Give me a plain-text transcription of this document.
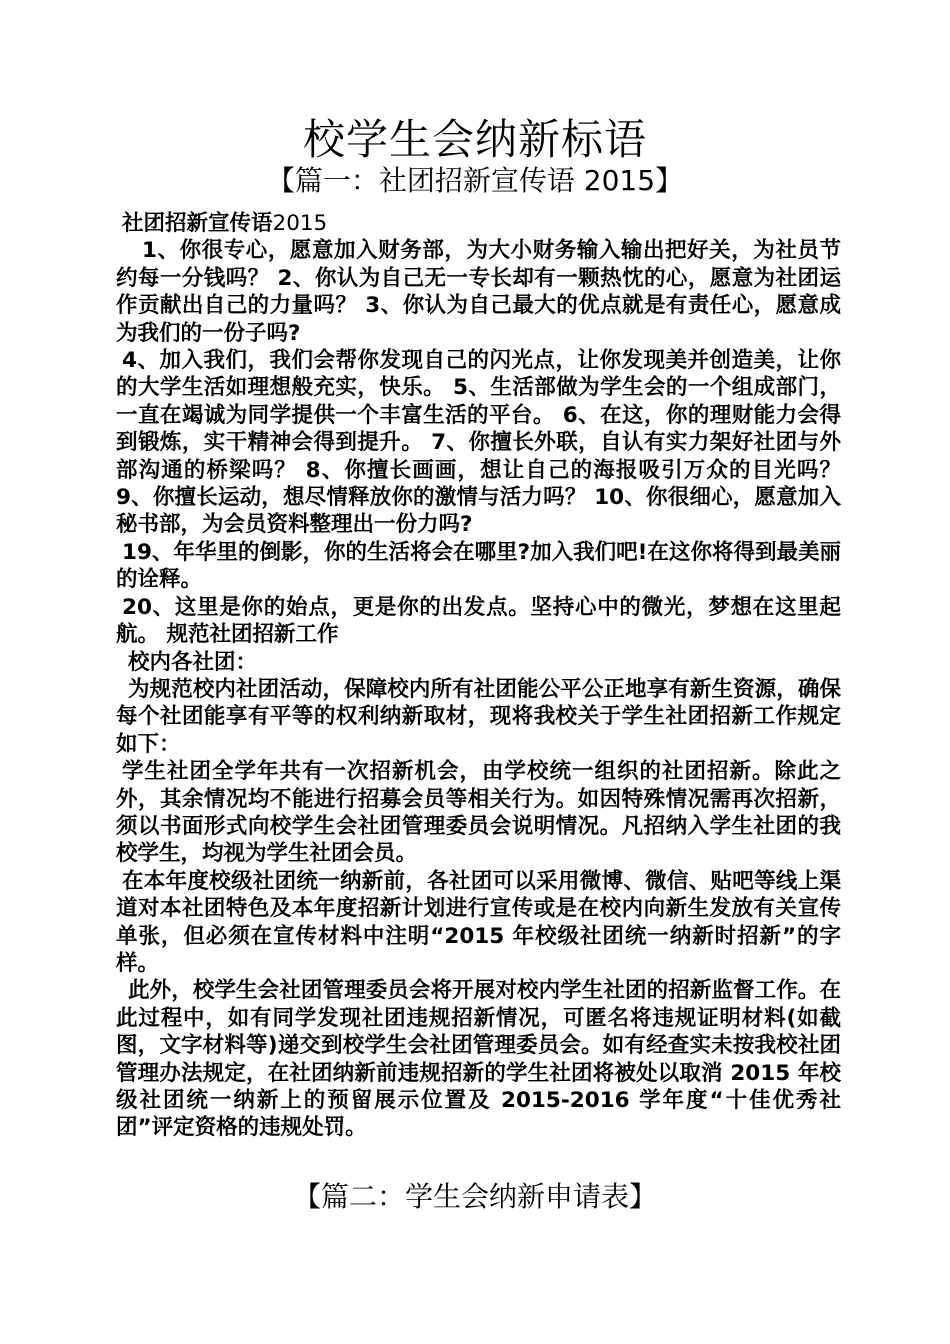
校学生会纳新标语
【篇一：社团招新宣传语 2015】

社团招新宣传语2015

1、你很专心，愿意加入财务部，为大小财务输入输出把好关，为社员节约每一分钱吗？ 2、你认为自己无一专长却有一颗热忱的心，愿意为社团运作贡献出自己的力量吗？ 3、你认为自己最大的优点就是有责任心，愿意成为我们的一份子吗?

4、加入我们，我们会帮你发现自己的闪光点，让你发现美并创造美，让你的大学生活如理想般充实，快乐。 5、生活部做为学生会的一个组成部门，一直在竭诚为同学提供一个丰富生活的平台。 6、在这，你的理财能力会得到锻炼，实干精神会得到提升。 7、你擅长外联，自认有实力架好社团与外部沟通的桥梁吗？ 8、你擅长画画，想让自己的海报吸引万众的目光吗？ 9、你擅长运动，想尽情释放你的激情与活力吗？ 10、你很细心，愿意加入秘书部，为会员资料整理出一份力吗?

19、年华里的倒影，你的生活将会在哪里?加入我们吧!在这你将得到最美丽的诠释。

20、这里是你的始点，更是你的出发点。坚持心中的微光，梦想在这里起航。 规范社团招新工作

校内各社团：

为规范校内社团活动，保障校内所有社团能公平公正地享有新生资源，确保每个社团能享有平等的权利纳新取材，现将我校关于学生社团招新工作规定如下：

学生社团全学年共有一次招新机会，由学校统一组织的社团招新。除此之外，其余情况均不能进行招募会员等相关行为。如因特殊情况需再次招新，须以书面形式向校学生会社团管理委员会说明情况。凡招纳入学生社团的我校学生，均视为学生社团会员。

在本年度校级社团统一纳新前，各社团可以采用微博、微信、贴吧等线上渠道对本社团特色及本年度招新计划进行宣传或是在校内向新生发放有关宣传单张，但必须在宣传材料中注明“2015 年校级社团统一纳新时招新”的字样。

此外，校学生会社团管理委员会将开展对校内学生社团的招新监督工作。在此过程中，如有同学发现社团违规招新情况，可匿名将违规证明材料(如截图，文字材料等)递交到校学生会社团管理委员会。如有经查实未按我校社团管理办法规定，在社团纳新前违规招新的学生社团将被处以取消 2015 年校级社团统一纳新上的预留展示位置及 2015-2016 学年度“十佳优秀社团”评定资格的违规处罚。

【篇二：学生会纳新申请表】
